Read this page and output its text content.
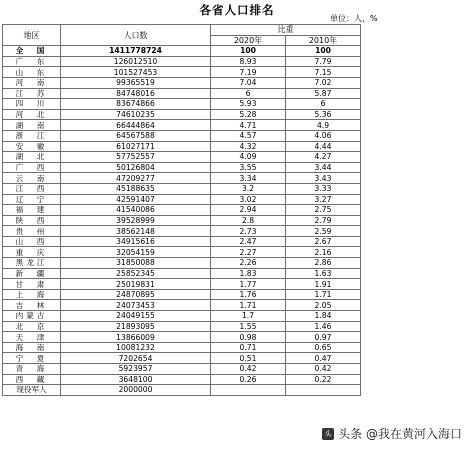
各省人口排名
单位：人，%
地区	人口数	比重	
		2020年	2010年
全　国	1411778724	100	100
广　东	126012510	8.93	7.79
山　东	101527453	7.19	7.15
河　南	99365519	7.04	7.02
江　苏	84748016	6	5.87
四　川	83674866	5.93	6
河　北	74610235	5.28	5.36
湖　南	66444864	4.71	4.9
浙　江	64567588	4.57	4.06
安　徽	61027171	4.32	4.44
湖　北	57752557	4.09	4.27
广　西	50126804	3.55	3.44
云　南	47209277	3.34	3.43
江　西	45188635	3.2	3.33
辽　宁	42591407	3.02	3.27
福　建	41540086	2.94	2.75
陕　西	39528999	2.8	2.79
贵　州	38562148	2.73	2.59
山　西	34915616	2.47	2.67
重　庆	32054159	2.27	2.16
黑龙江	31850088	2.26	2.86
新　疆	25852345	1.83	1.63
甘　肃	25019831	1.77	1.91
上　海	24870895	1.76	1.71
吉　林	24073453	1.71	2.05
内蒙古	24049155	1.7	1.84
北　京	21893095	1.55	1.46
天　津	13866009	0.98	0.97
海　南	10081232	0.71	0.65
宁　夏	7202654	0.51	0.47
青　海	5923957	0.42	0.42
西　藏	3648100	0.26	0.22
现役军人	2000000		
头 头条 @我在黄河入海口
